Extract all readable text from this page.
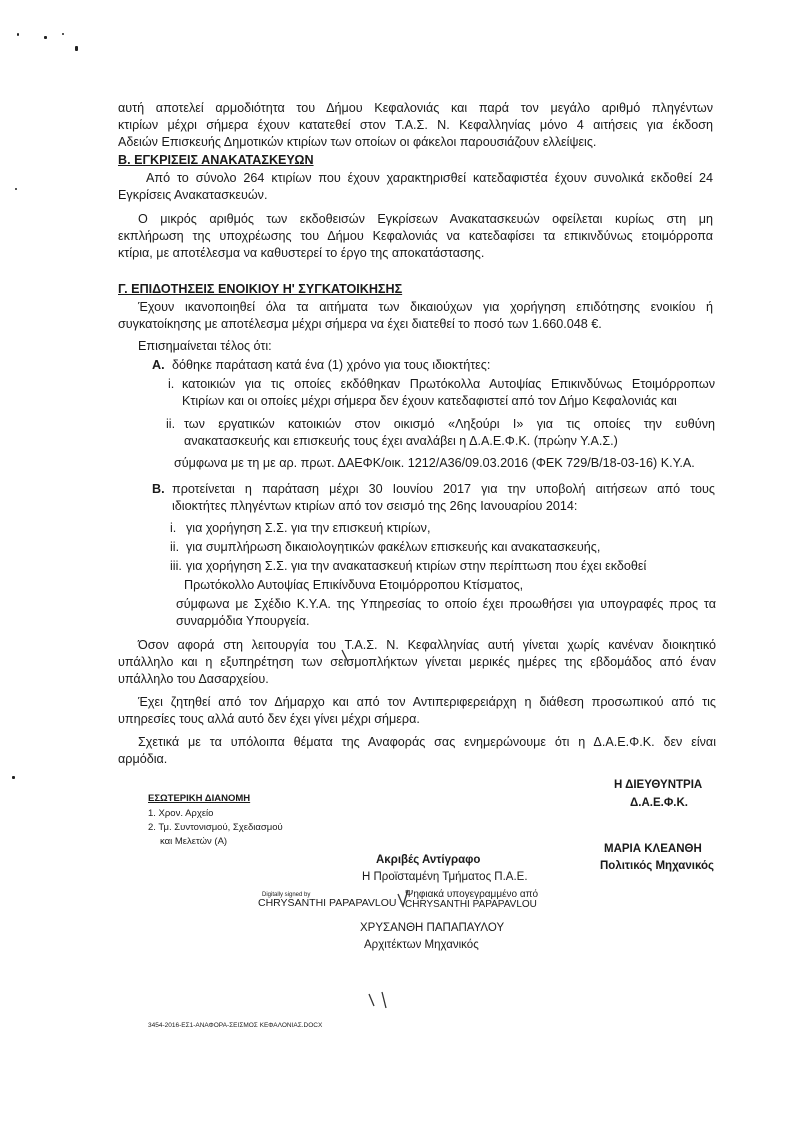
αυτή αποτελεί αρμοδιότητα του Δήμου Κεφαλονιάς και παρά τον μεγάλο αριθμό πληγέντων
κτιρίων μέχρι σήμερα έχουν κατατεθεί στον Τ.Α.Σ. Ν. Κεφαλληνίας μόνο 4 αιτήσεις για έκδοση
Αδειών Επισκευής Δημοτικών κτιρίων των οποίων οι φάκελοι παρουσιάζουν ελλείψεις.
Β. ΕΓΚΡΙΣΕΙΣ ΑΝΑΚΑΤΑΣΚΕΥΩΝ
Από το σύνολο 264 κτιρίων που έχουν χαρακτηρισθεί κατεδαφιστέα έχουν συνολικά εκδοθεί 24
Εγκρίσεις Ανακατασκευών.
Ο μικρός αριθμός των εκδοθεισών Εγκρίσεων Ανακατασκευών οφείλεται κυρίως στη μη
εκπλήρωση της υποχρέωσης του Δήμου Κεφαλονιάς να κατεδαφίσει τα επικινδύνως ετοιμόρροπα
κτίρια, με αποτέλεσμα να καθυστερεί το έργο της αποκατάστασης.
Γ. ΕΠΙΔΟΤΗΣΕΙΣ ΕΝΟΙΚΙΟΥ Η' ΣΥΓΚΑΤΟΙΚΗΣΗΣ
Έχουν ικανοποιηθεί όλα τα αιτήματα των δικαιούχων για χορήγηση επιδότησης ενοικίου ή
συγκατοίκησης με αποτέλεσμα μέχρι σήμερα να έχει διατεθεί το ποσό των 1.660.048 €.
Επισημαίνεται τέλος ότι:
Α. δόθηκε παράταση κατά ένα (1) χρόνο για τους ιδιοκτήτες:
i. κατοικιών για τις οποίες εκδόθηκαν Πρωτόκολλα Αυτοψίας Επικινδύνως Ετοιμόρροπων
Κτιρίων και οι οποίες μέχρι σήμερα δεν έχουν κατεδαφιστεί από τον Δήμο Κεφαλονιάς και
ii. των εργατικών κατοικιών στον οικισμό «Ληξούρι Ι» για τις οποίες την ευθύνη
ανακατασκευής και επισκευής τους έχει αναλάβει η Δ.Α.Ε.Φ.Κ. (πρώην Υ.Α.Σ.)
σύμφωνα με τη με αρ. πρωτ. ΔΑΕΦΚ/οικ. 1212/Α36/09.03.2016 (ΦΕΚ 729/Β/18-03-16) Κ.Υ.Α.
Β. προτείνεται η παράταση μέχρι 30 Ιουνίου 2017 για την υποβολή αιτήσεων από τους
ιδιοκτήτες πληγέντων κτιρίων από τον σεισμό της 26ης Ιανουαρίου 2014:
i. για χορήγηση Σ.Σ. για την επισκευή κτιρίων,
ii. για συμπλήρωση δικαιολογητικών φακέλων επισκευής και ανακατασκευής,
iii. για χορήγηση Σ.Σ. για την ανακατασκευή κτιρίων στην περίπτωση που έχει εκδοθεί
Πρωτόκολλο Αυτοψίας Επικίνδυνα Ετοιμόρροπου Κτίσματος,
σύμφωνα με Σχέδιο Κ.Υ.Α. της Υπηρεσίας το οποίο έχει προωθήσει για υπογραφές προς τα
συναρμόδια Υπουργεία.
Όσον αφορά στη λειτουργία του Τ.Α.Σ. Ν. Κεφαλληνίας αυτή γίνεται χωρίς κανέναν διοικητικό
υπάλληλο και η εξυπηρέτηση των σεισμοπλήκτων γίνεται μερικές ημέρες της εβδομάδος από έναν
υπάλληλο του Δασαρχείου.
Έχει ζητηθεί από τον Δήμαρχο και από τον Αντιπεριφερειάρχη η διάθεση προσωπικού από τις
υπηρεσίες τους αλλά αυτό δεν έχει γίνει μέχρι σήμερα.
Σχετικά με τα υπόλοιπα θέματα της Αναφοράς σας ενημερώνουμε ότι η Δ.Α.Ε.Φ.Κ. δεν είναι
αρμόδια.
ΕΣΩΤΕΡΙΚΗ ΔΙΑΝΟΜΗ
1. Χρον. Αρχείο
2. Τμ. Συντονισμού, Σχεδιασμού
και Μελετών (Α)
Η ΔΙΕΥΘΥΝΤΡΙΑ
Δ.Α.Ε.Φ.Κ.
ΜΑΡΙΑ ΚΛΕΑΝΘΗ
Πολιτικός Μηχανικός
Ακριβές Αντίγραφο
Η Προϊσταμένη Τμήματος Π.Α.Ε.
Digitally signed by
CHRYSANTHI PAPAPAVLOU
Ψηφιακά υπογεγραμμένο από
CHRYSANTHI PAPAPAVLOU
ΧΡΥΣΑΝΘΗ ΠΑΠΑΠΑΥΛΟΥ
Αρχιτέκτων Μηχανικός
3454-2016-ΕΣ1-ΑΝΑΦΟΡΑ-ΣΕΙΣΜΟΣ ΚΕΦΑΛΟΝΙΑΣ.DOCX
